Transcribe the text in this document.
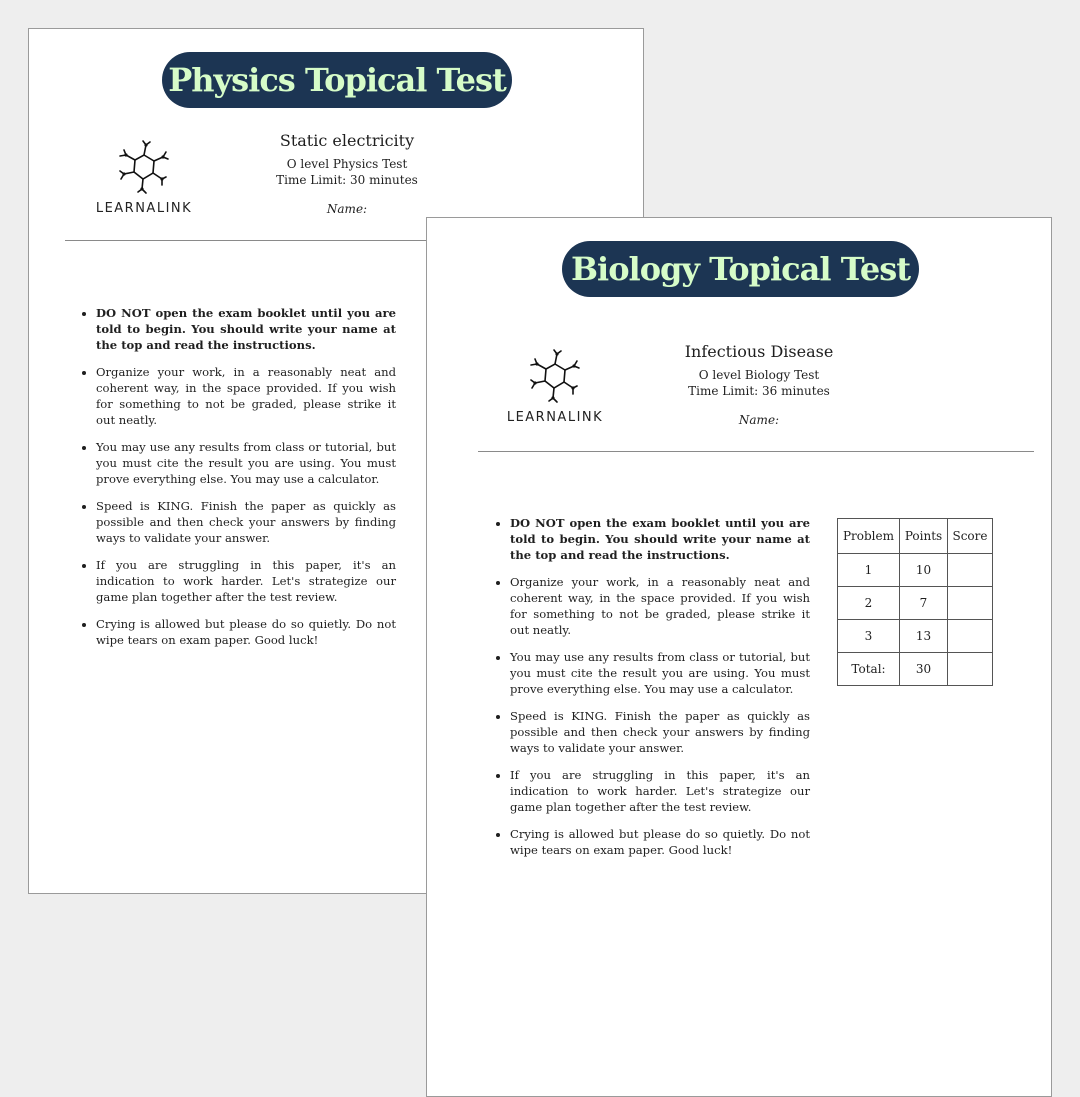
Physics Topical Test
LEARNALINK
Static electricity
O level Physics Test
Time Limit: 30 minutes
Name:
• DO NOT open the exam booklet until you are told to begin. You should write your name at the top and read the instructions.
• Organize your work, in a reasonably neat and coherent way, in the space provided. If you wish for something to not be graded, please strike it out neatly.
• You may use any results from class or tutorial, but you must cite the result you are using. You must prove everything else. You may use a calculator.
• Speed is KING. Finish the paper as quickly as possible and then check your answers by finding ways to validate your answer.
• If you are struggling in this paper, it's an indication to work harder. Let's strategize our game plan together after the test review.
• Crying is allowed but please do so quietly. Do not wipe tears on exam paper. Good luck!
Biology Topical Test
LEARNALINK
Infectious Disease
O level Biology Test
Time Limit: 36 minutes
Name:
• DO NOT open the exam booklet until you are told to begin. You should write your name at the top and read the instructions.
• Organize your work, in a reasonably neat and coherent way, in the space provided. If you wish for something to not be graded, please strike it out neatly.
• You may use any results from class or tutorial, but you must cite the result you are using. You must prove everything else. You may use a calculator.
• Speed is KING. Finish the paper as quickly as possible and then check your answers by finding ways to validate your answer.
• If you are struggling in this paper, it's an indication to work harder. Let's strategize our game plan together after the test review.
• Crying is allowed but please do so quietly. Do not wipe tears on exam paper. Good luck!
Problem	Points	Score
1	10	
2	7	
3	13	
Total:	30	
